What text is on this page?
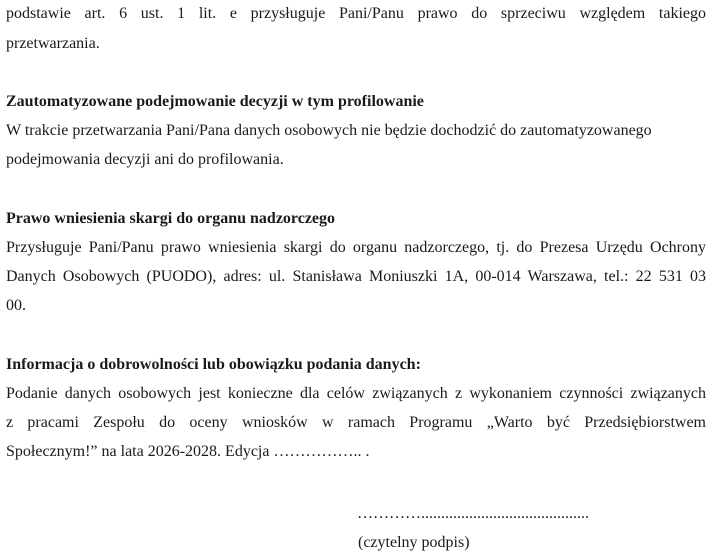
podstawie art. 6 ust. 1 lit. e przysługuje Pani/Panu prawo do sprzeciwu względem takiego
przetwarzania.
Zautomatyzowane podejmowanie decyzji w tym profilowanie
W trakcie przetwarzania Pani/Pana danych osobowych nie będzie dochodzić do zautomatyzowanego
podejmowania decyzji ani do profilowania.
Prawo wniesienia skargi do organu nadzorczego
Przysługuje Pani/Panu prawo wniesienia skargi do organu nadzorczego, tj. do Prezesa Urzędu Ochrony
Danych Osobowych (PUODO), adres: ul. Stanisława Moniuszki 1A, 00-014 Warszawa, tel.: 22 531 03
00.
Informacja o dobrowolności lub obowiązku podania danych:
Podanie danych osobowych jest konieczne dla celów związanych z wykonaniem czynności związanych
z pracami Zespołu do oceny wniosków w ramach Programu „Warto być Przedsiębiorstwem
Społecznym!” na lata 2026-2028. Edycja …………….. .
…………..........................................
(czytelny podpis)
